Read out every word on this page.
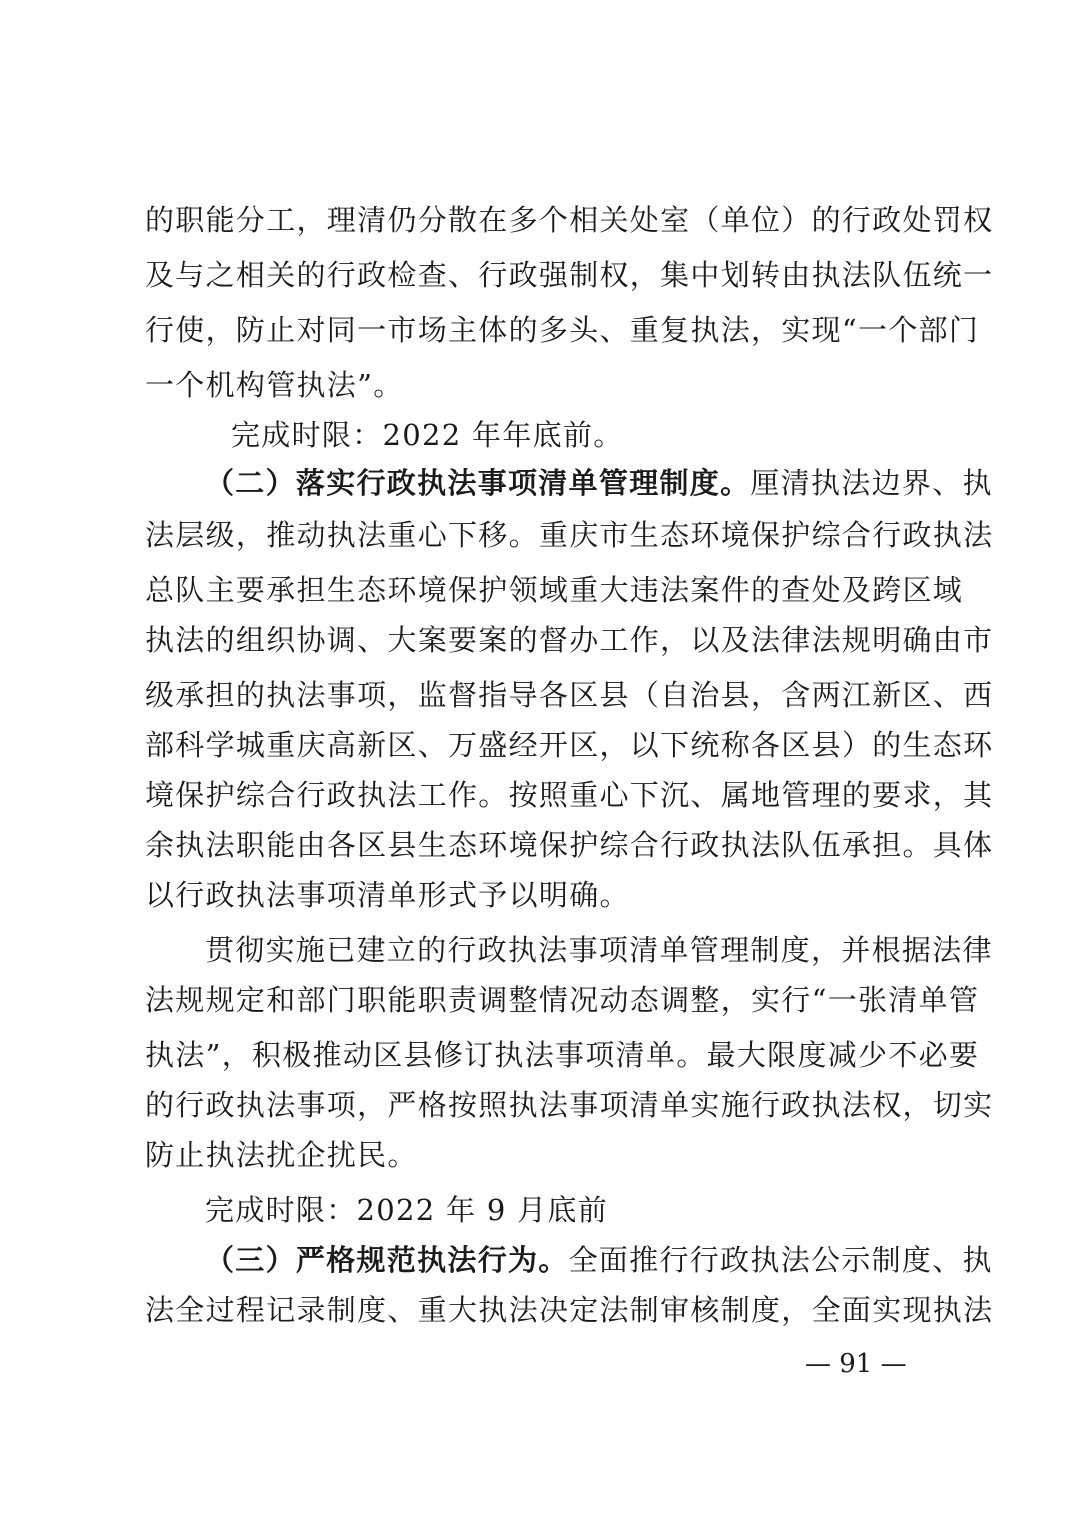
的职能分工，理清仍分散在多个相关处室（单位）的行政处罚权
及与之相关的行政检查、行政强制权，集中划转由执法队伍统一
行使，防止对同一市场主体的多头、重复执法，实现“一个部门
一个机构管执法”。
完成时限：2022 年年底前。
（二）落实行政执法事项清单管理制度。厘清执法边界、执
法层级，推动执法重心下移。重庆市生态环境保护综合行政执法
总队主要承担生态环境保护领域重大违法案件的查处及跨区域
执法的组织协调、大案要案的督办工作，以及法律法规明确由市
级承担的执法事项，监督指导各区县（自治县，含两江新区、西
部科学城重庆高新区、万盛经开区，以下统称各区县）的生态环
境保护综合行政执法工作。按照重心下沉、属地管理的要求，其
余执法职能由各区县生态环境保护综合行政执法队伍承担。具体
以行政执法事项清单形式予以明确。
贯彻实施已建立的行政执法事项清单管理制度，并根据法律
法规规定和部门职能职责调整情况动态调整，实行“一张清单管
执法”，积极推动区县修订执法事项清单。最大限度减少不必要
的行政执法事项，严格按照执法事项清单实施行政执法权，切实
防止执法扰企扰民。
完成时限：2022 年 9 月底前
（三）严格规范执法行为。全面推行行政执法公示制度、执
法全过程记录制度、重大执法决定法制审核制度，全面实现执法
— 91 —
